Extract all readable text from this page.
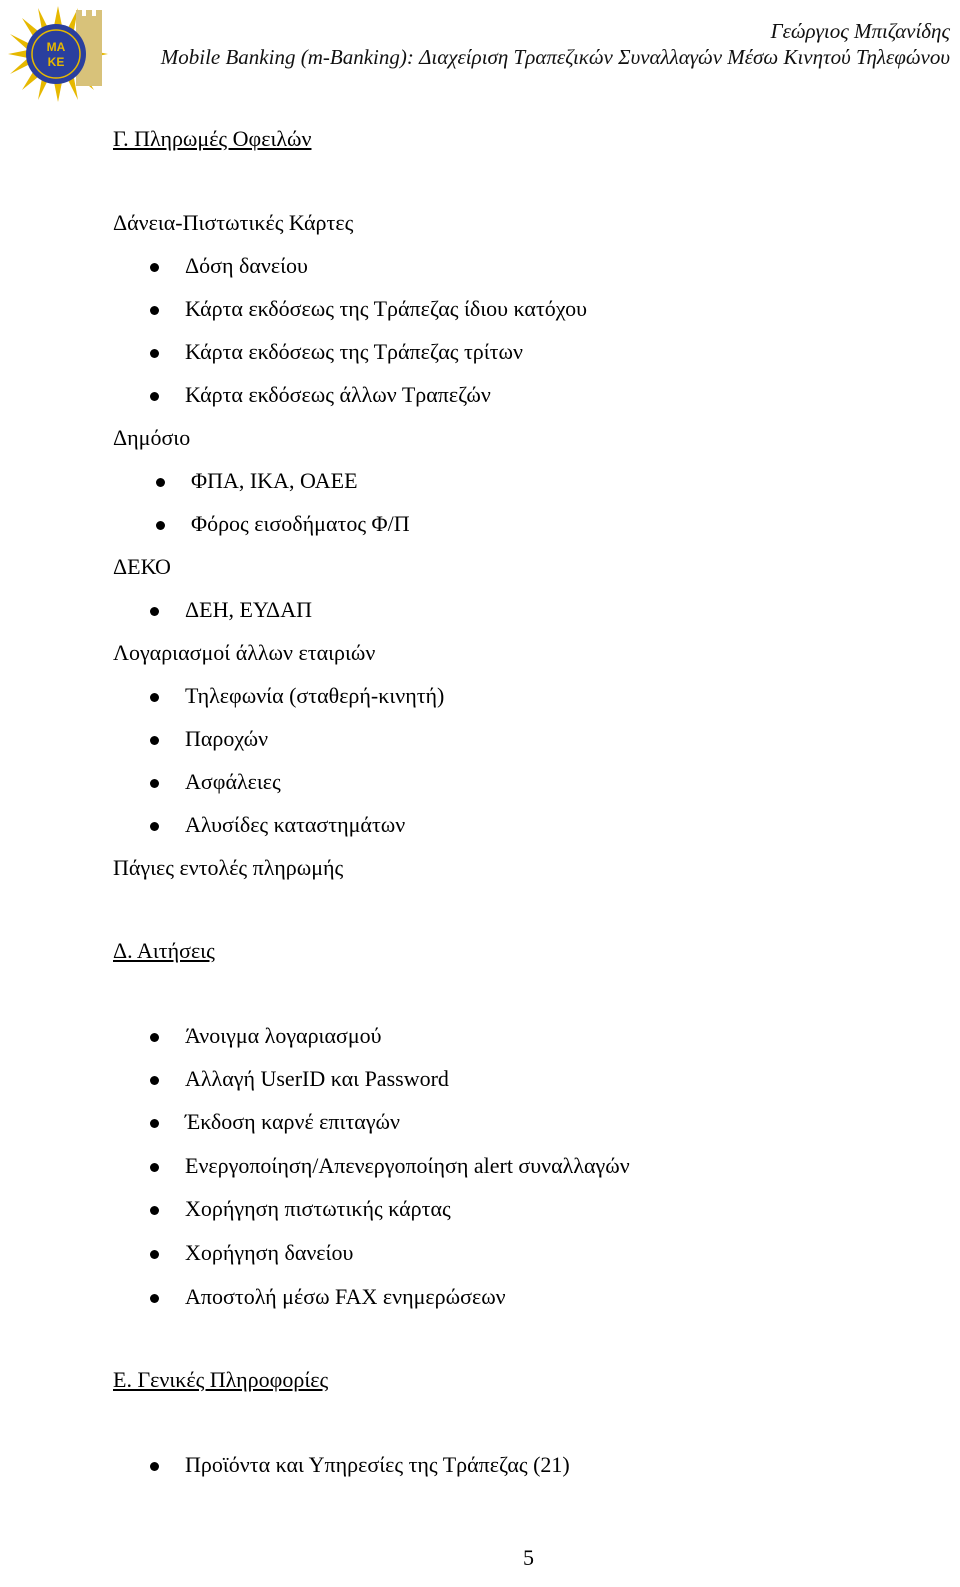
ΜΑ
ΚΕ
Γεώργιος Μπιζανίδης
Mobile Banking (m-Banking): Διαχείριση Τραπεζικών Συναλλαγών Μέσω Κινητού Τηλεφώνου
Γ. Πληρωμές Οφειλών
Δάνεια-Πιστωτικές Κάρτες
Δόση δανείου
Κάρτα εκδόσεως της Τράπεζας ίδιου κατόχου
Κάρτα εκδόσεως της Τράπεζας τρίτων
Κάρτα εκδόσεως άλλων Τραπεζών
Δημόσιο
ΦΠΑ, ΙΚΑ, ΟΑΕΕ
Φόρος εισοδήματος Φ/Π
ΔΕΚΟ
ΔΕΗ, ΕΥΔΑΠ
Λογαριασμοί άλλων εταιριών
Τηλεφωνία (σταθερή-κινητή)
Παροχών
Ασφάλειες
Αλυσίδες καταστημάτων
Πάγιες εντολές πληρωμής
Δ. Αιτήσεις
Άνοιγμα λογαριασμού
Αλλαγή UserID και Password
Έκδοση καρνέ επιταγών
Ενεργοποίηση/Απενεργοποίηση alert συναλλαγών
Χορήγηση πιστωτικής κάρτας
Χορήγηση δανείου
Αποστολή μέσω FAX ενημερώσεων
Ε. Γενικές Πληροφορίες
Προϊόντα και Υπηρεσίες της Τράπεζας (21)
5
